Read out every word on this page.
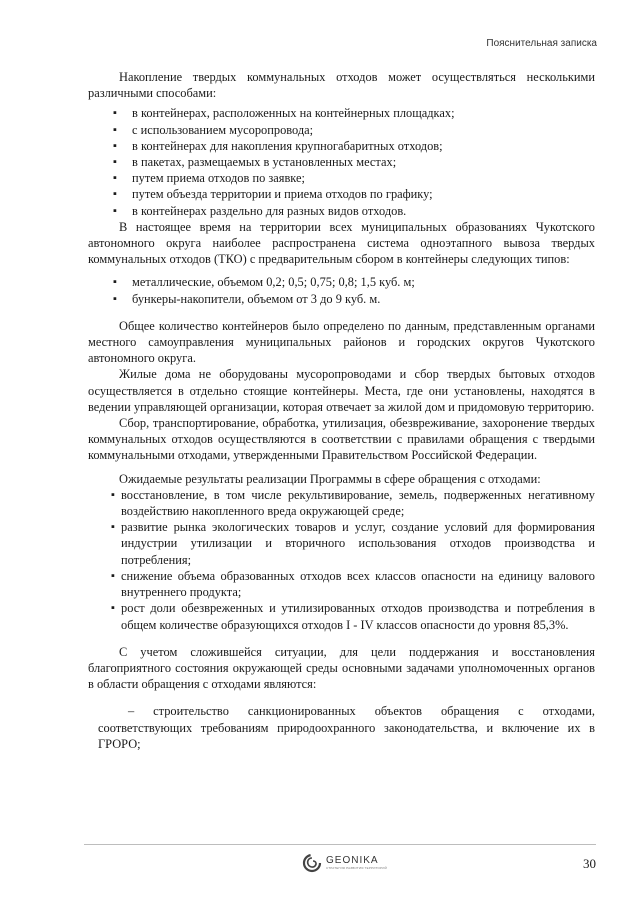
Пояснительная записка

Накопление твердых коммунальных отходов может осуществляться несколькими различными способами:

▪ в контейнерах, расположенных на контейнерных площадках;
▪ с использованием мусоропровода;
▪ в контейнерах для накопления крупногабаритных отходов;
▪ в пакетах, размещаемых в установленных местах;
▪ путем приема отходов по заявке;
▪ путем объезда территории и приема отходов по графику;
▪ в контейнерах раздельно для разных видов отходов.

В настоящее время на территории всех муниципальных образованиях Чукотского автономного округа наиболее распространена система одноэтапного вывоза твердых коммунальных отходов (ТКО) с предварительным сбором в контейнеры следующих типов:

▪ металлические, объемом 0,2; 0,5; 0,75; 0,8; 1,5 куб. м;
▪ бункеры-накопители, объемом от 3 до 9 куб. м.

Общее количество контейнеров было определено по данным, представленным органами местного самоуправления муниципальных районов и городских округов Чукотского автономного округа.

Жилые дома не оборудованы мусоропроводами и сбор твердых бытовых отходов осуществляется в отдельно стоящие контейнеры. Места, где они установлены, находятся в ведении управляющей организации, которая отвечает за жилой дом и придомовую территорию.

Сбор, транспортирование, обработка, утилизация, обезвреживание, захоронение твердых коммунальных отходов осуществляются в соответствии с правилами обращения с твердыми коммунальными отходами, утвержденными Правительством Российской Федерации.

Ожидаемые результаты реализации Программы в сфере обращения с отходами:

▪ восстановление, в том числе рекультивирование, земель, подверженных негативному воздействию накопленного вреда окружающей среде;
▪ развитие рынка экологических товаров и услуг, создание условий для формирования индустрии утилизации и вторичного использования отходов производства и потребления;
▪ снижение объема образованных отходов всех классов опасности на единицу валового внутреннего продукта;
▪ рост доли обезвреженных и утилизированных отходов производства и потребления в общем количестве образующихся отходов I - IV классов опасности до уровня 85,3%.

С учетом сложившейся ситуации, для цели поддержания и восстановления благоприятного состояния окружающей среды основными задачами уполномоченных органов в области обращения с отходами являются:

– строительство санкционированных объектов обращения с отходами, соответствующих требованиям природоохранного законодательства, и включение их в ГРОРО;

GEONIKA
СТРАТЕГИЯ РАЗВИТИЯ ТЕРРИТОРИЙ	30
